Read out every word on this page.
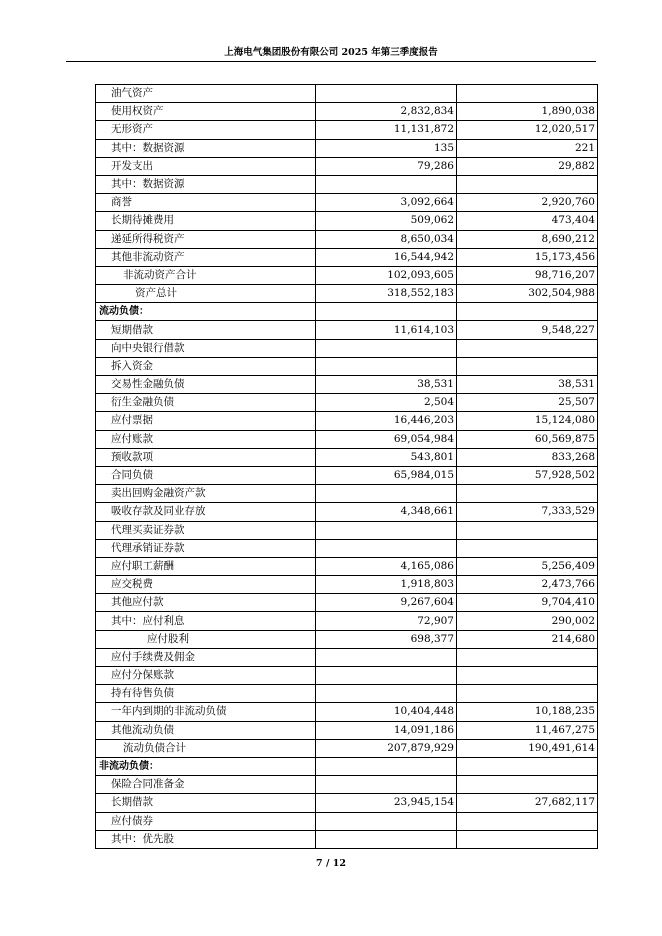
上海电气集团股份有限公司 2025 年第三季度报告
油气资产		
使用权资产	2,832,834	1,890,038
无形资产	11,131,872	12,020,517
其中：数据资源	135	221
开发支出	79,286	29,882
其中：数据资源		
商誉	3,092,664	2,920,760
长期待摊费用	509,062	473,404
递延所得税资产	8,650,034	8,690,212
其他非流动资产	16,544,942	15,173,456
非流动资产合计	102,093,605	98,716,207
资产总计	318,552,183	302,504,988
流动负债：		
短期借款	11,614,103	9,548,227
向中央银行借款		
拆入资金		
交易性金融负债	38,531	38,531
衍生金融负债	2,504	25,507
应付票据	16,446,203	15,124,080
应付账款	69,054,984	60,569,875
预收款项	543,801	833,268
合同负债	65,984,015	57,928,502
卖出回购金融资产款		
吸收存款及同业存放	4,348,661	7,333,529
代理买卖证券款		
代理承销证券款		
应付职工薪酬	4,165,086	5,256,409
应交税费	1,918,803	2,473,766
其他应付款	9,267,604	9,704,410
其中：应付利息	72,907	290,002
应付股利	698,377	214,680
应付手续费及佣金		
应付分保账款		
持有待售负债		
一年内到期的非流动负债	10,404,448	10,188,235
其他流动负债	14,091,186	11,467,275
流动负债合计	207,879,929	190,491,614
非流动负债：		
保险合同准备金		
长期借款	23,945,154	27,682,117
应付债券		
其中：优先股		
7 / 12
